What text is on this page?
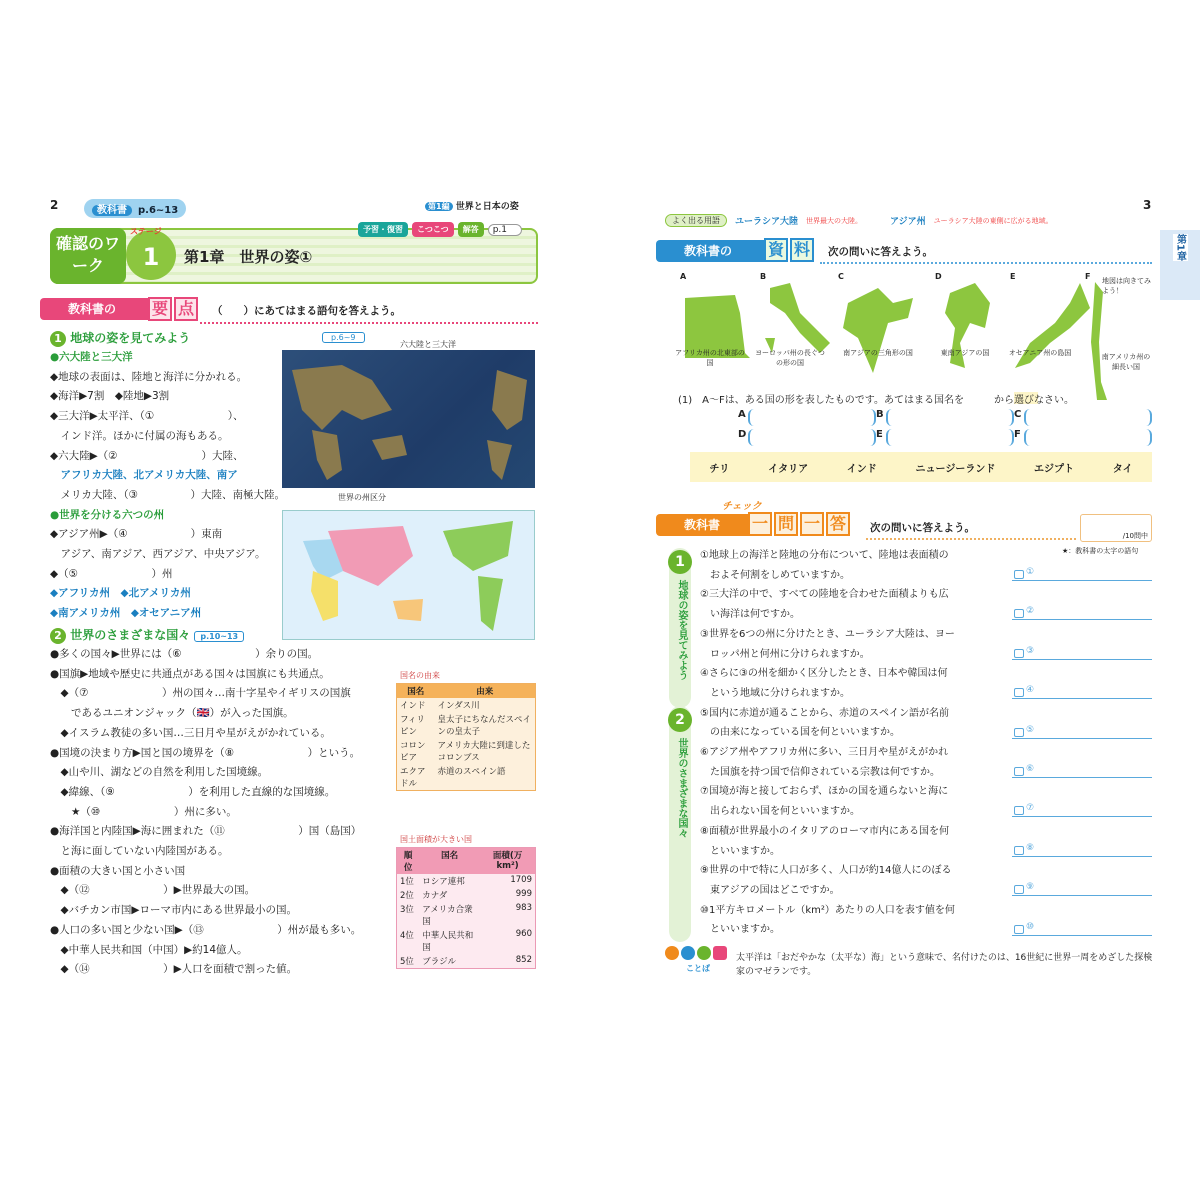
2	教科書 p.6~13	第1編 世界と日本の姿
確認のワーク
ステージ
1	第1章　世界の姿①
予習・復習	こつこつ	解答	p.1
教科書の	要 点	（　　）にあてはまる語句を答えよう。
1 地球の姿を見てみよう	p.6~9
六大陸と三大洋
世界の州区分
●六大陸と三大洋
◆地球の表面は、陸地と海洋に分かれる。
◆海洋▶7割　◆陸地▶3割
◆三大洋▶太平洋、（①　　　　　　　）、
　インド洋。ほかに付属の海もある。
◆六大陸▶（②　　　　　　　　）大陸、
　アフリカ大陸、北アメリカ大陸、南ア
　メリカ大陸、（③　　　　　）大陸、南極大陸。
●世界を分ける六つの州
◆アジア州▶（④　　　　　　）東南
　アジア、南アジア、西アジア、中央アジア。
◆（⑤　　　　　　　）州
◆アフリカ州　◆北アメリカ州
◆南アメリカ州　◆オセアニア州
2 世界のさまざまな国々 p.10~13
●多くの国々▶世界には（⑥　　　　　　　）余りの国。
●国旗▶地域や歴史に共通点がある国々は国旗にも共通点。
　◆（⑦　　　　　　　）州の国々…南十字星やイギリスの国旗
　　であるユニオンジャック（🇬🇧）が入った国旗。
　◆イスラム教徒の多い国…三日月や星がえがかれている。
●国境の決まり方▶国と国の境界を（⑧　　　　　　　）という。
　◆山や川、湖などの自然を利用した国境線。
　◆緯線、（⑨　　　　　　　）を利用した直線的な国境線。
　　★（⑩　　　　　　　）州に多い。
●海洋国と内陸国▶海に囲まれた（⑪　　　　　　　）国（島国）
　と海に面していない内陸国がある。
●面積の大きい国と小さい国
　◆（⑫　　　　　　　）▶世界最大の国。
　◆バチカン市国▶ローマ市内にある世界最小の国。
●人口の多い国と少ない国▶（⑬　　　　　　　）州が最も多い。
　◆中華人民共和国（中国）▶約14億人。
　◆（⑭　　　　　　　）▶人口を面積で割った値。
国名の由来
国名	由来
インド	インダス川
フィリピン	皇太子にちなんだスペインの皇太子
コロンビア	アメリカ大陸に到達したコロンブス
エクアドル	赤道のスペイン語
国土面積が大きい国
順位	国名	面積(万km²)
1位	ロシア連邦	1709
2位	カナダ	999
3位	アメリカ合衆国	983
4位	中華人民共和国	960
5位	ブラジル	852
3
第1章
よく出る用語	ユーラシア大陸 世界最大の大陸。	アジア州 ユーラシア大陸の東側に広がる地域。
教科書の	資 料	次の問いに答えよう。
A
アフリカ州の北東部の国
B
ヨーロッパ州の長ぐつの形の国
C
南アジアの三角形の国
D
東南アジアの国
E
オセアニア州の島国
F
南アメリカ州の細長い国
地図は向きてみよう！
(1)　A～Fは、ある国の形を表したものです。あてはまる国名を　　　から選びなさい。
A	B	C
D	E	F
チリ	イタリア	インド	ニュージーランド	エジプト	タイ
チェック
教科書	一 問 一 答	次の問いに答えよう。
/10問中
★：教科書の太字の語句
1
2
地球の姿を見てみよう
世界のさまざまな国々
①地球上の海洋と陸地の分布について、陸地は表面積の
　およそ何割をしめていますか。	①
②三大洋の中で、すべての陸地を合わせた面積よりも広
　い海洋は何ですか。	②
③世界を6つの州に分けたとき、ユーラシア大陸は、ヨー
　ロッパ州と何州に分けられますか。	③
④さらに③の州を細かく区分したとき、日本や韓国は何
　という地域に分けられますか。	④
⑤国内に赤道が通ることから、赤道のスペイン語が名前
　の由来になっている国を何といいますか。	⑤
⑥アジア州やアフリカ州に多い、三日月や星がえがかれ
　た国旗を持つ国で信仰されている宗教は何ですか。	⑥
⑦国境が海と接しておらず、ほかの国を通らないと海に
　出られない国を何といいますか。	⑦
⑧面積が世界最小のイタリアのローマ市内にある国を何
　といいますか。	⑧
⑨世界の中で特に人口が多く、人口が約14億人にのぼる
　東アジアの国はどこですか。	⑨
⑩1平方キロメートル（km²）あたりの人口を表す値を何
　といいますか。	⑩
ことば
太平洋は「おだやかな（太平な）海」という意味で、名付けたのは、16世紀に世界一周をめざした探検家のマゼランです。
